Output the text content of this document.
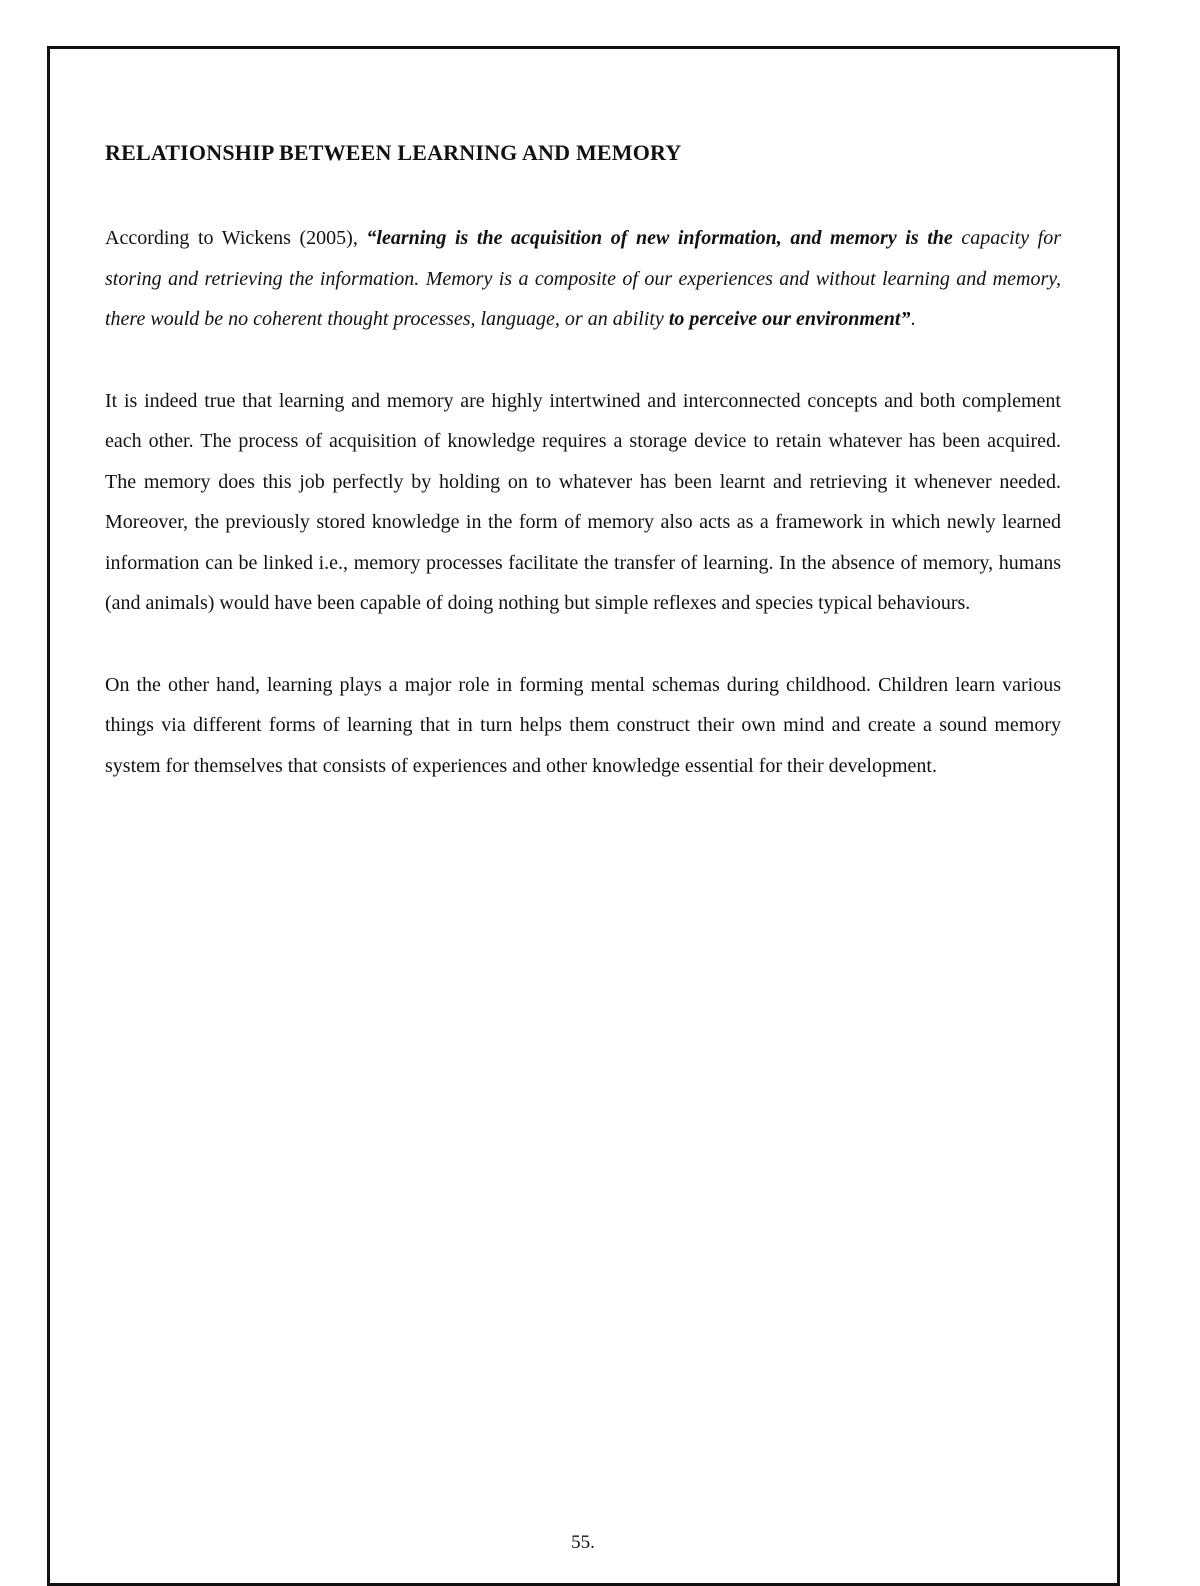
RELATIONSHIP BETWEEN LEARNING AND MEMORY

According to Wickens (2005), “learning is the acquisition of new information, and memory is the capacity for storing and retrieving the information. Memory is a composite of our experiences and without learning and memory, there would be no coherent thought processes, language, or an ability to perceive our environment”.

It is indeed true that learning and memory are highly intertwined and interconnected concepts and both complement each other. The process of acquisition of knowledge requires a storage device to retain whatever has been acquired. The memory does this job perfectly by holding on to whatever has been learnt and retrieving it whenever needed. Moreover, the previously stored knowledge in the form of memory also acts as a framework in which newly learned information can be linked i.e., memory processes facilitate the transfer of learning. In the absence of memory, humans (and animals) would have been capable of doing nothing but simple reflexes and species typical behaviours.

On the other hand, learning plays a major role in forming mental schemas during childhood. Children learn various things via different forms of learning that in turn helps them construct their own mind and create a sound memory system for themselves that consists of experiences and other knowledge essential for their development.

55.
